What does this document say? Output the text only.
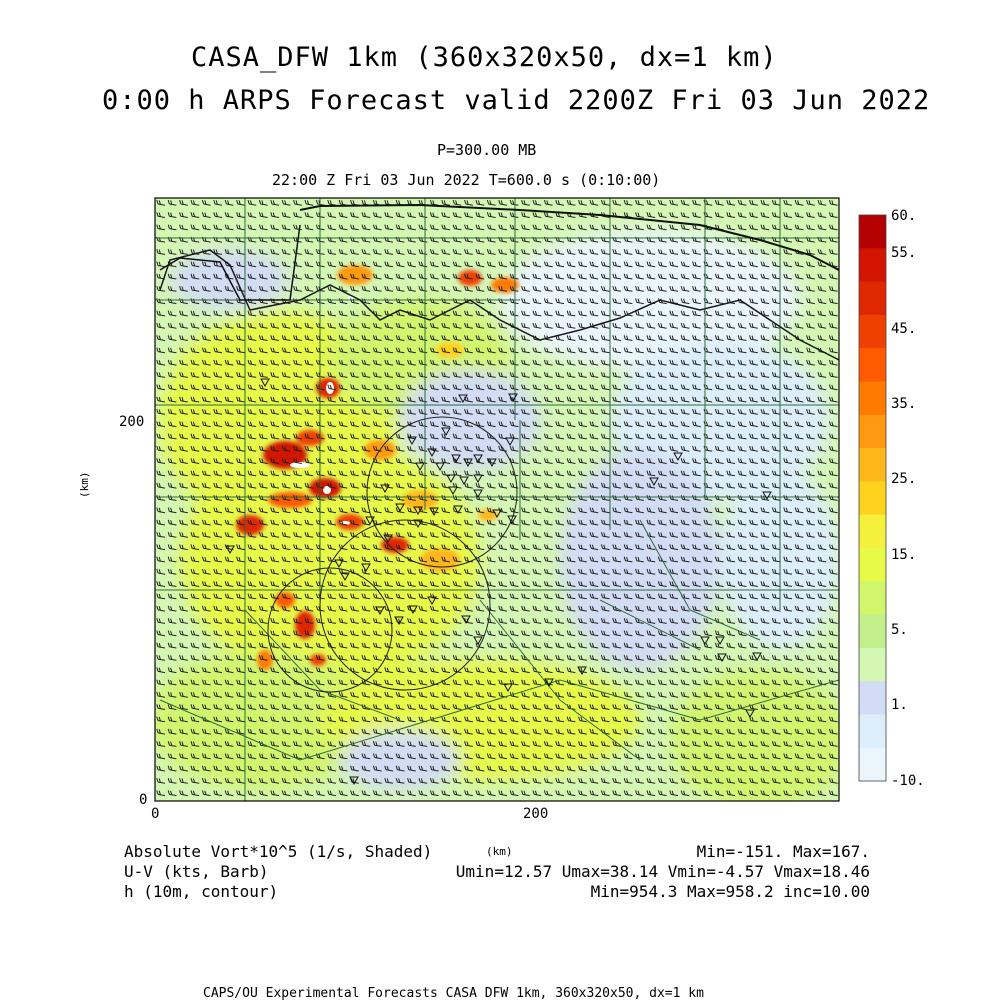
CASA_DFW 1km (360x320x50, dx=1 km)
0:00 h ARPS Forecast valid 2200Z Fri 03 Jun 2022
P=300.00 MB
22:00 Z Fri 03 Jun 2022 T=600.0 s (0:10:00)
200
0
0	200
(km)
(km)
60.
55.
45.
35.
25.
15.
5.
1.
-10.
Absolute Vort*10^5 (1/s, Shaded)
U-V (kts, Barb)
h (10m, contour)
Min=-151. Max=167.
Umin=12.57 Umax=38.14 Vmin=-4.57 Vmax=18.46
Min=954.3 Max=958.2 inc=10.00
CAPS/OU Experimental Forecasts CASA DFW 1km, 360x320x50, dx=1 km
